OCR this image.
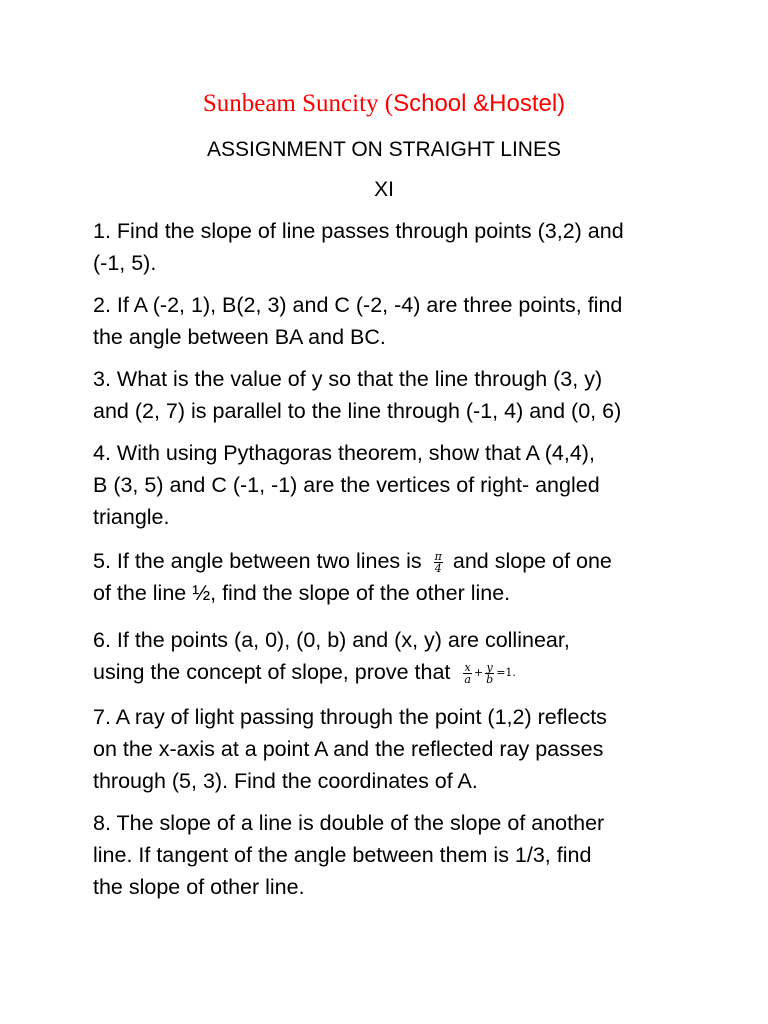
Sunbeam Suncity (School &Hostel)
ASSIGNMENT ON STRAIGHT LINES
XI
1. Find the slope of line passes through points (3,2) and
(-1, 5).
2. If A (-2, 1), B(2, 3) and C (-2, -4) are three points, find
the angle between BA and BC.
3. What is the value of y so that the line through (3, y)
and (2, 7) is parallel to the line through (-1, 4) and (0, 6)
4. With using Pythagoras theorem, show that A (4,4),
B (3, 5) and C (-1, -1) are the vertices of right- angled
triangle.
5. If the angle between two lines is $\frac{\pi}{4}$ and slope of one
of the line ½, find the slope of the other line.
6. If the points (a, 0), (0, b) and (x, y) are collinear,
using the concept of slope, prove that $\frac{x}{a} + \frac{y}{b} =1$.
7. A ray of light passing through the point (1,2) reflects
on the x-axis at a point A and the reflected ray passes
through (5, 3). Find the coordinates of A.
8. The slope of a line is double of the slope of another
line. If tangent of the angle between them is 1/3, find
the slope of other line.
